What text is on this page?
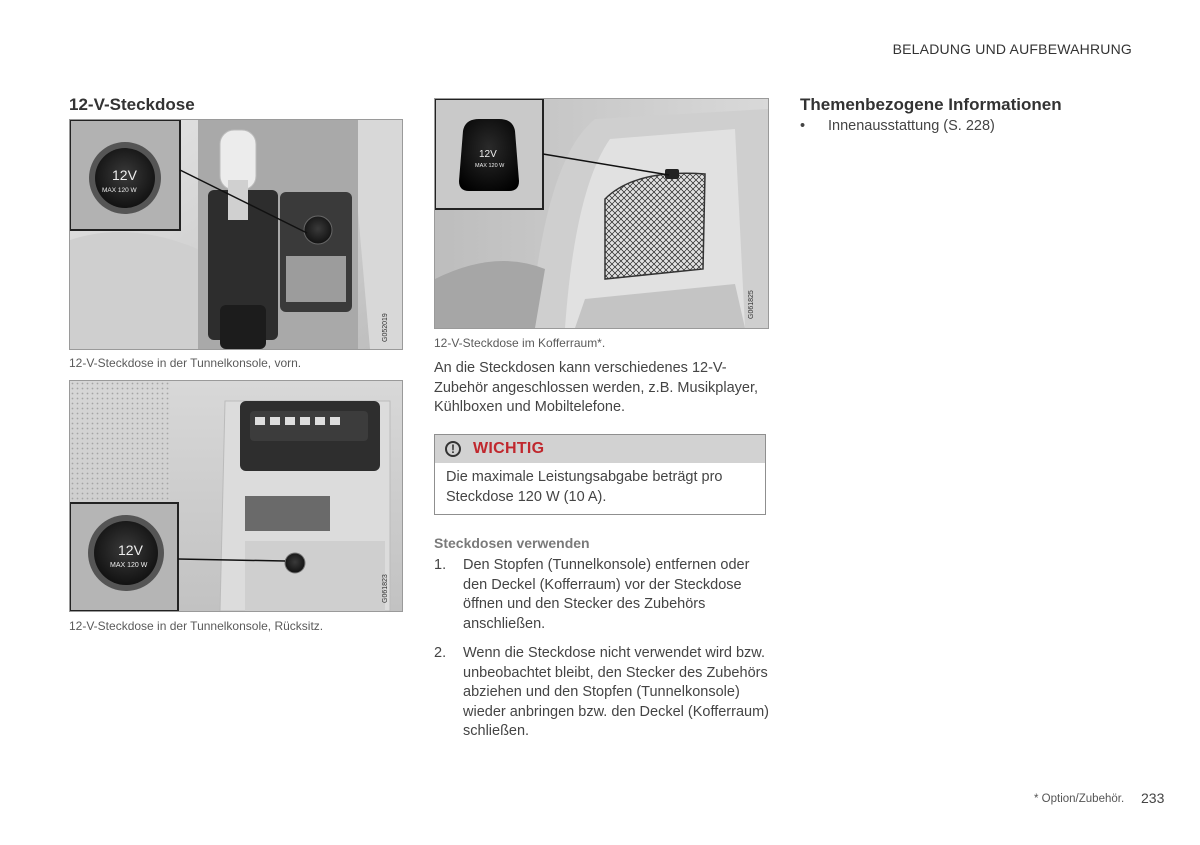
BELADUNG UND AUFBEWAHRUNG
12-V-Steckdose
12V
MAX 120 W
G052019
12-V-Steckdose in der Tunnelkonsole, vorn.
12V
MAX 120 W
G061823
12-V-Steckdose in der Tunnelkonsole, Rücksitz.
12V
MAX 120 W
G061825
12-V-Steckdose im Kofferraum*.
An die Steckdosen kann verschiedenes 12-V-Zubehör angeschlossen werden, z.B. Musikplayer, Kühlboxen und Mobiltelefone.
!	WICHTIG
Die maximale Leistungsabgabe beträgt pro Steckdose 120 W (10 A).
Steckdosen verwenden
1.	Den Stopfen (Tunnelkonsole) entfernen oder den Deckel (Kofferraum) vor der Steckdose öffnen und den Stecker des Zubehörs anschließen.
2.	Wenn die Steckdose nicht verwendet wird bzw. unbeobachtet bleibt, den Stecker des Zubehörs abziehen und den Stopfen (Tunnelkonsole) wieder anbringen bzw. den Deckel (Kofferraum) schließen.
Themenbezogene Informationen
•	Innenausstattung (S. 228)
* Option/Zubehör. 233
